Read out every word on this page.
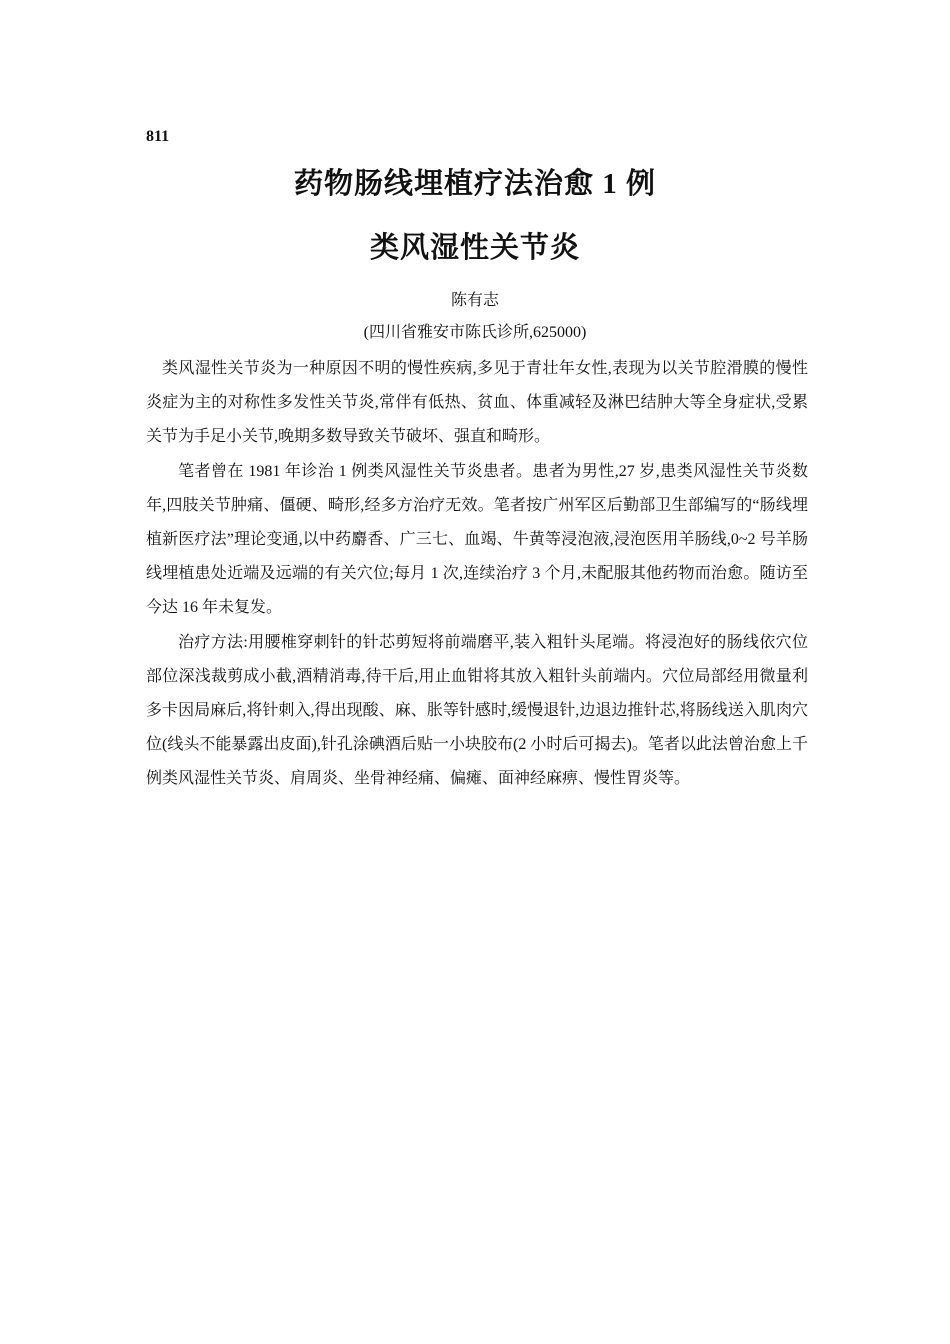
811
药物肠线埋植疗法治愈 1 例
类风湿性关节炎
陈有志
(四川省雅安市陈氏诊所,625000)

类风湿性关节炎为一种原因不明的慢性疾病,多见于青壮年女性,表现为以关节腔滑膜的慢性炎症为主的对称性多发性关节炎,常伴有低热、贫血、体重减轻及淋巴结肿大等全身症状,受累关节为手足小关节,晚期多数导致关节破坏、强直和畸形。

笔者曾在 1981 年诊治 1 例类风湿性关节炎患者。患者为男性,27 岁,患类风湿性关节炎数年,四肢关节肿痛、僵硬、畸形,经多方治疗无效。笔者按广州军区后勤部卫生部编写的“肠线埋植新医疗法”理论变通,以中药麝香、广三七、血竭、牛黄等浸泡液,浸泡医用羊肠线,0~2 号羊肠线埋植患处近端及远端的有关穴位;每月 1 次,连续治疗 3 个月,未配服其他药物而治愈。随访至今达 16 年未复发。

治疗方法:用腰椎穿刺针的针芯剪短将前端磨平,装入粗针头尾端。将浸泡好的肠线依穴位部位深浅裁剪成小截,酒精消毒,待干后,用止血钳将其放入粗针头前端内。穴位局部经用微量利多卡因局麻后,将针刺入,得出现酸、麻、胀等针感时,缓慢退针,边退边推针芯,将肠线送入肌肉穴位(线头不能暴露出皮面),针孔涂碘酒后贴一小块胶布(2 小时后可揭去)。笔者以此法曾治愈上千例类风湿性关节炎、肩周炎、坐骨神经痛、偏瘫、面神经麻痹、慢性胃炎等。
